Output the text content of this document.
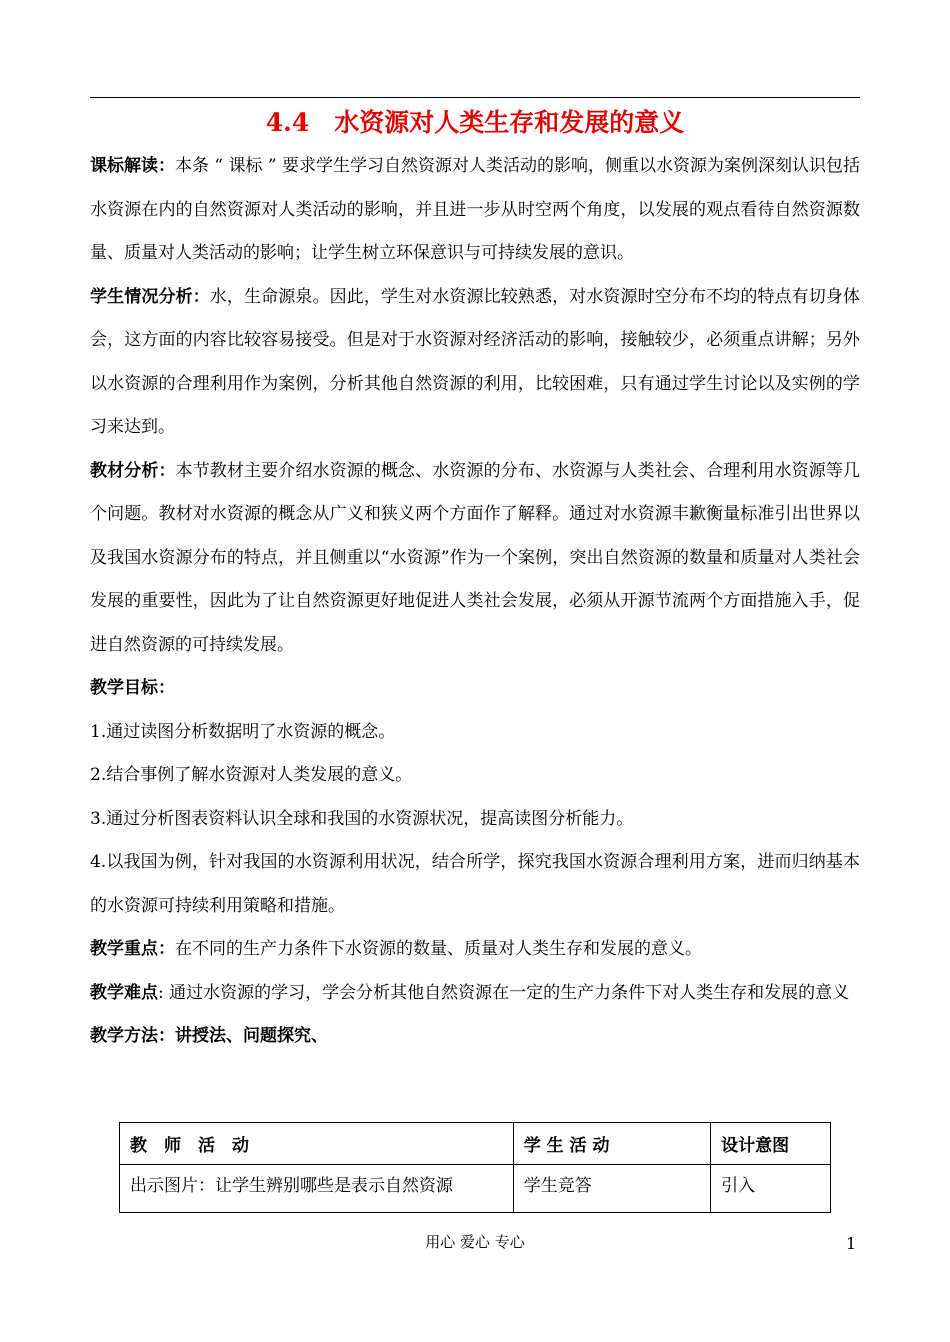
4.4　水资源对人类生存和发展的意义

课标解读：本条 “ 课标 ” 要求学生学习自然资源对人类活动的影响，侧重以水资源为案例深刻认识包括水资源在内的自然资源对人类活动的影响，并且进一步从时空两个角度，以发展的观点看待自然资源数量、质量对人类活动的影响；让学生树立环保意识与可持续发展的意识。

学生情况分析：水，生命源泉。因此，学生对水资源比较熟悉，对水资源时空分布不均的特点有切身体会，这方面的内容比较容易接受。但是对于水资源对经济活动的影响，接触较少，必须重点讲解；另外以水资源的合理利用作为案例，分析其他自然资源的利用，比较困难，只有通过学生讨论以及实例的学习来达到。

教材分析：本节教材主要介绍水资源的概念、水资源的分布、水资源与人类社会、合理利用水资源等几个问题。教材对水资源的概念从广义和狭义两个方面作了解释。通过对水资源丰歉衡量标准引出世界以及我国水资源分布的特点，并且侧重以“水资源”作为一个案例，突出自然资源的数量和质量对人类社会发展的重要性，因此为了让自然资源更好地促进人类社会发展，必须从开源节流两个方面措施入手，促进自然资源的可持续发展。

教学目标：

1.通过读图分析数据明了水资源的概念。

2.结合事例了解水资源对人类发展的意义。

3.通过分析图表资料认识全球和我国的水资源状况，提高读图分析能力。

4.以我国为例，针对我国的水资源利用状况，结合所学，探究我国水资源合理利用方案，进而归纳基本的水资源可持续利用策略和措施。

教学重点：在不同的生产力条件下水资源的数量、质量对人类生存和发展的意义。

教学难点: 通过水资源的学习，学会分析其他自然资源在一定的生产力条件下对人类生存和发展的意义

教学方法：讲授法、问题探究、

教　师　活　动	学 生 活 动	设计意图
出示图片：让学生辨别哪些是表示自然资源	学生竞答	引入
用心 爱心 专心	1
